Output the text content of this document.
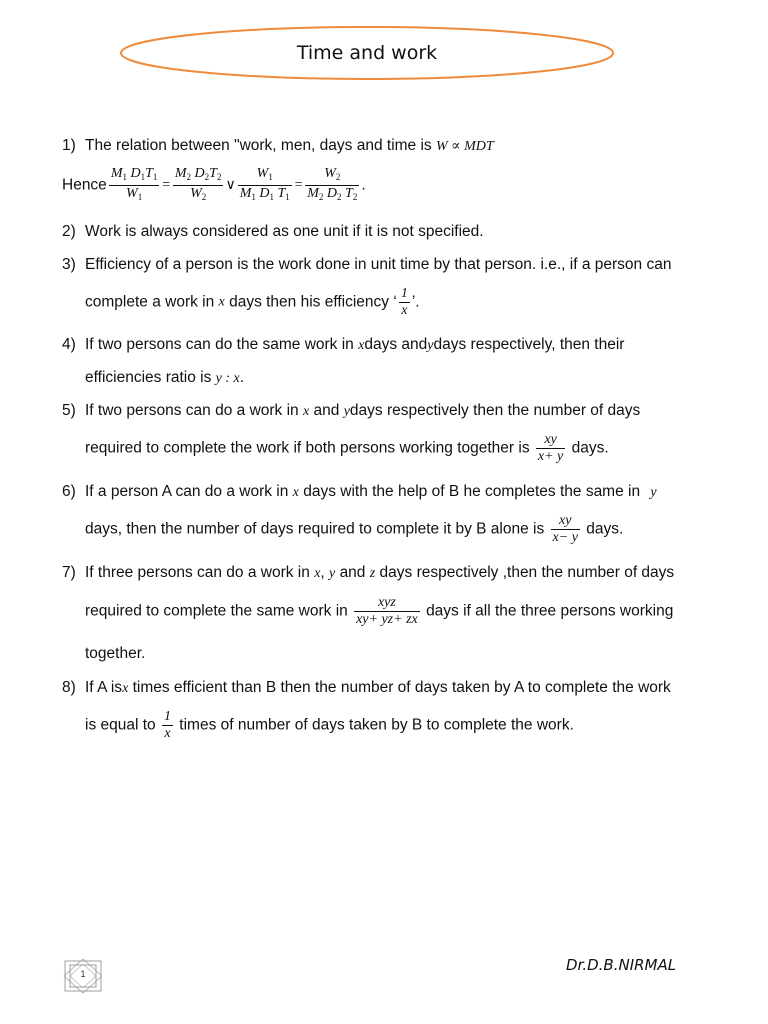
Time and work
1) The relation between "work, men, days and time is W ∝ MDT
Hence $\frac{M_1 D_1T_1}{W_1} = \frac{M_2 D_2T_2}{W_2}$ ∨ $\frac{W_1}{M_1 D_1 T_1} = \frac{W_2}{M_2 D_2 T_2}$ .
2) Work is always considered as one unit if it is not specified.
3) Efficiency of a person is the work done in unit time by that person. i.e., if a person can
complete a work in x days then his efficiency ‘ $\frac{1}{x}$ ’.
4) If two persons can do the same work in xdays andydays respectively, then their
efficiencies ratio is y : x.
5) If two persons can do a work in x and ydays respectively then the number of days
required to complete the work if both persons working together is $\frac{xy}{x+ y}$ days.
6) If a person A can do a work in x days with the help of B he completes the same in y
days, then the number of days required to complete it by B alone is $\frac{xy}{x- y}$ days.
7) If three persons can do a work in x, y and z days respectively ,then the number of days
required to complete the same work in $\frac{\text{xyz}}{xy+ yz+ zx}$ days if all the three persons working
together.
8) If A isx times efficient than B then the number of days taken by A to complete the work
is equal to $\frac{1}{x}$ times of number of days taken by B to complete the work.
1	Dr.D.B.NIRMAL
